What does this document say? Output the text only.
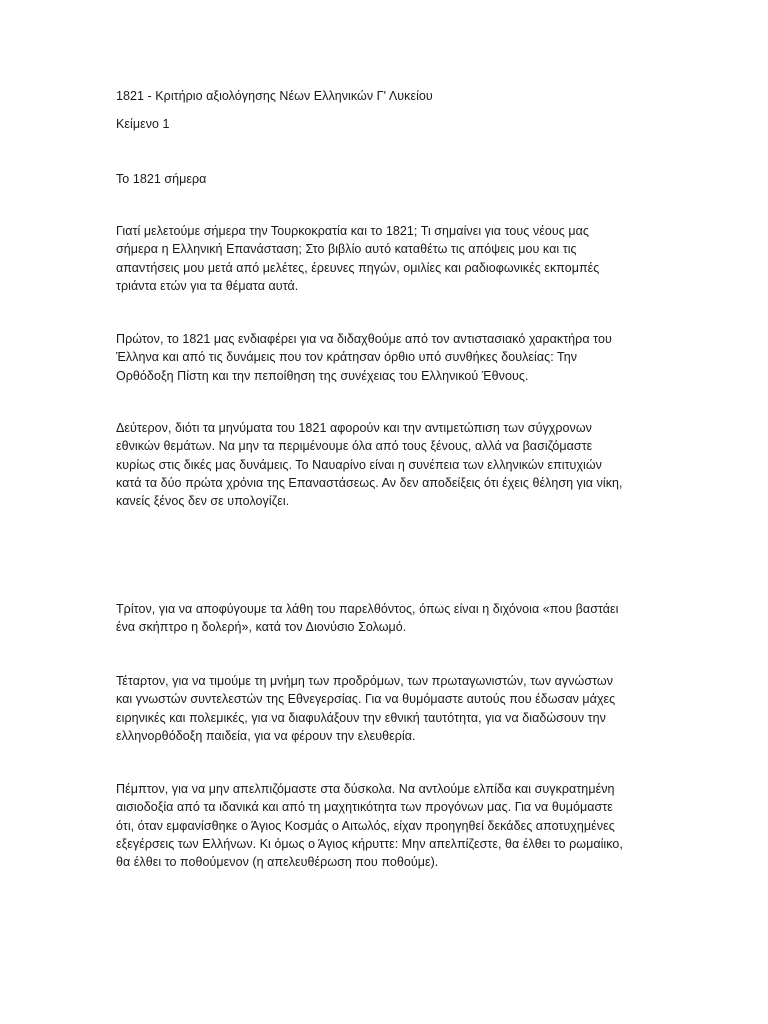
1821 - Κριτήριο αξιολόγησης Νέων Ελληνικών Γ' Λυκείου

Κείμενο 1

Το 1821 σήμερα

Γιατί μελετούμε σήμερα την Τουρκοκρατία και το 1821; Τι σημαίνει για τους νέους μας
σήμερα η Ελληνική Επανάσταση; Στο βιβλίο αυτό καταθέτω τις απόψεις μου και τις
απαντήσεις μου μετά από μελέτες, έρευνες πηγών, ομιλίες και ραδιοφωνικές εκπομπές
τριάντα ετών για τα θέματα αυτά.

Πρώτον, το 1821 μας ενδιαφέρει για να διδαχθούμε από τον αντιστασιακό χαρακτήρα του
Έλληνα και από τις δυνάμεις που τον κράτησαν όρθιο υπό συνθήκες δουλείας: Την
Ορθόδοξη Πίστη και την πεποίθηση της συνέχειας του Ελληνικού Έθνους.

Δεύτερον, διότι τα μηνύματα του 1821 αφορούν και την αντιμετώπιση των σύγχρονων
εθνικών θεμάτων. Να μην τα περιμένουμε όλα από τους ξένους, αλλά να βασιζόμαστε
κυρίως στις δικές μας δυνάμεις. Το Ναυαρίνο είναι η συνέπεια των ελληνικών επιτυχιών
κατά τα δύο πρώτα χρόνια της Επαναστάσεως. Αν δεν αποδείξεις ότι έχεις θέληση για νίκη,
κανείς ξένος δεν σε υπολογίζει.

Τρίτον, για να αποφύγουμε τα λάθη του παρελθόντος, όπως είναι η διχόνοια «που βαστάει
ένα σκήπτρο η δολερή», κατά τον Διονύσιο Σολωμό.

Τέταρτον, για να τιμούμε τη μνήμη των προδρόμων, των πρωταγωνιστών, των αγνώστων
και γνωστών συντελεστών της Εθνεγερσίας. Για να θυμόμαστε αυτούς που έδωσαν μάχες
ειρηνικές και πολεμικές, για να διαφυλάξουν την εθνική ταυτότητα, για να διαδώσουν την
ελληνορθόδοξη παιδεία, για να φέρουν την ελευθερία.

Πέμπτον, για να μην απελπιζόμαστε στα δύσκολα. Να αντλούμε ελπίδα και συγκρατημένη
αισιοδοξία από τα ιδανικά και από τη μαχητικότητα των προγόνων μας. Για να θυμόμαστε
ότι, όταν εμφανίσθηκε ο Άγιος Κοσμάς ο Αιτωλός, είχαν προηγηθεί δεκάδες αποτυχημένες
εξεγέρσεις των Ελλήνων. Κι όμως ο Άγιος κήρυττε: Μην απελπίζεστε, θα έλθει το ρωμαίικο,
θα έλθει το ποθούμενον (η απελευθέρωση που ποθούμε).
